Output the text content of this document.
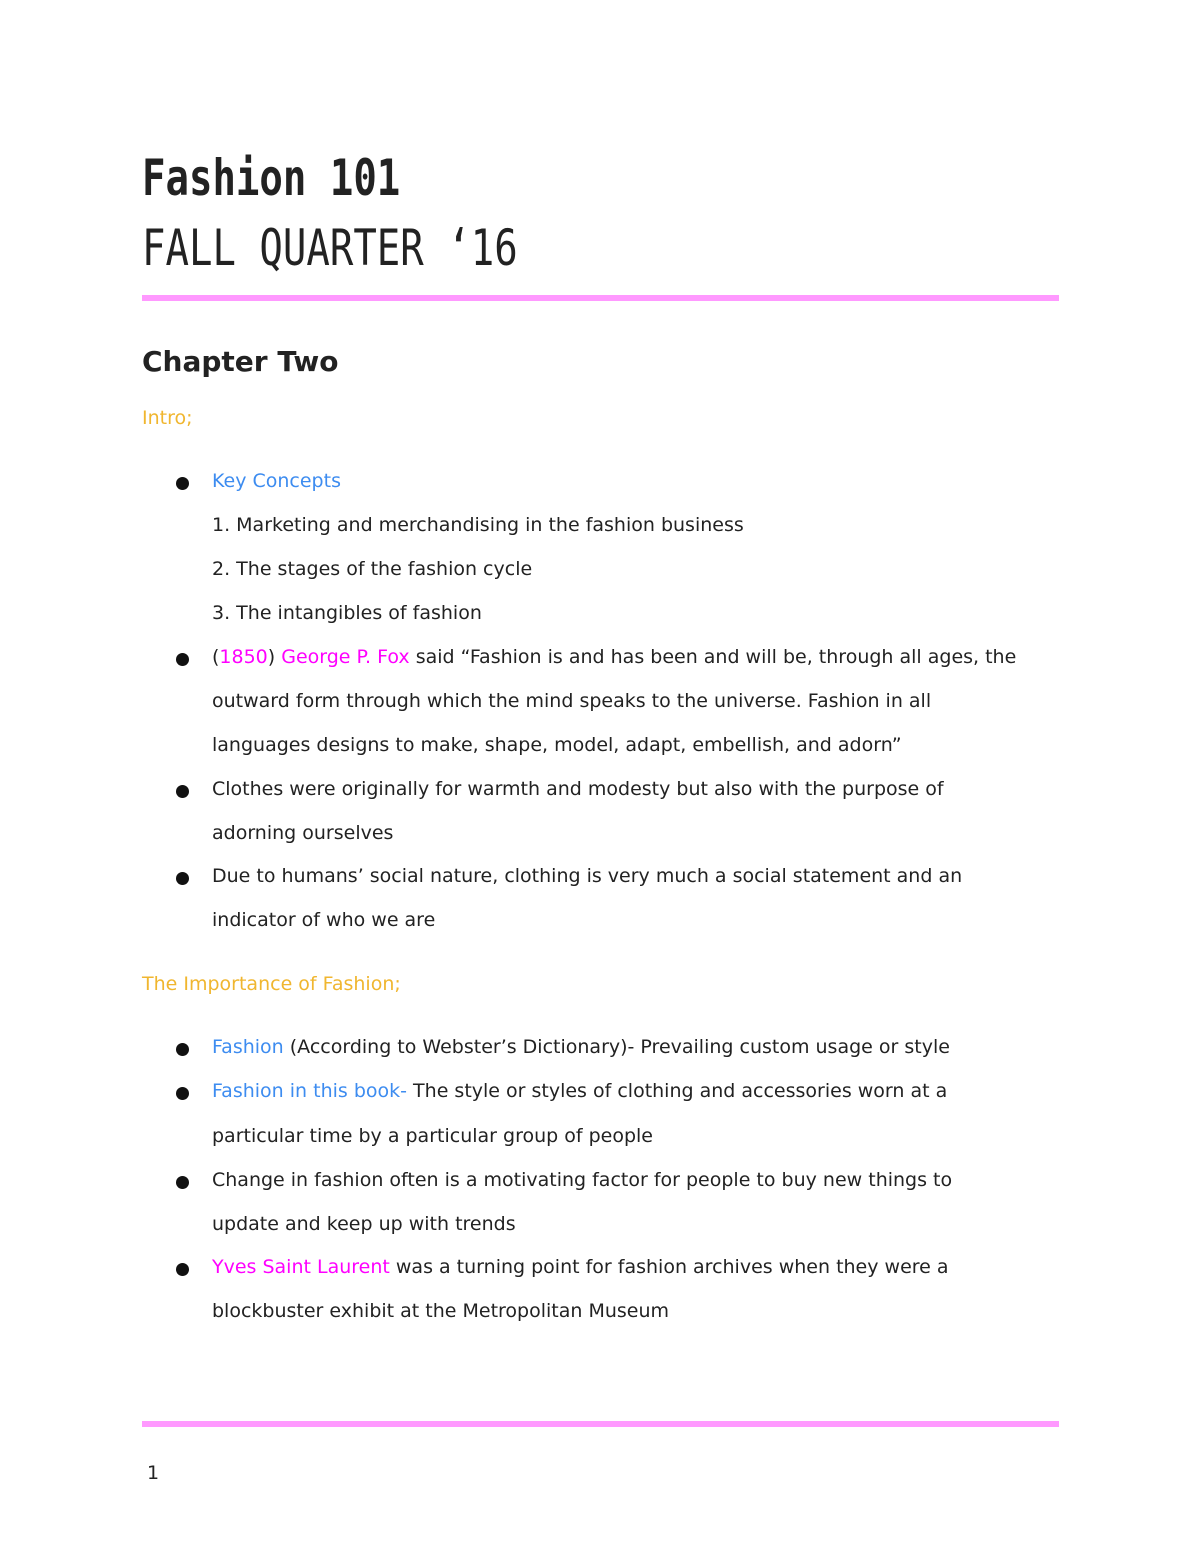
Fashion 101
FALL QUARTER ‘16
Chapter Two
Intro;
Key Concepts
1. Marketing and merchandising in the fashion business
2. The stages of the fashion cycle
3. The intangibles of fashion
(1850) George P. Fox said “Fashion is and has been and will be, through all ages, the
outward form through which the mind speaks to the universe. Fashion in all
languages designs to make, shape, model, adapt, embellish, and adorn”
Clothes were originally for warmth and modesty but also with the purpose of
adorning ourselves
Due to humans’ social nature, clothing is very much a social statement and an
indicator of who we are
The Importance of Fashion;
Fashion (According to Webster’s Dictionary)- Prevailing custom usage or style
Fashion in this book- The style or styles of clothing and accessories worn at a
particular time by a particular group of people
Change in fashion often is a motivating factor for people to buy new things to
update and keep up with trends
Yves Saint Laurent was a turning point for fashion archives when they were a
blockbuster exhibit at the Metropolitan Museum
1
